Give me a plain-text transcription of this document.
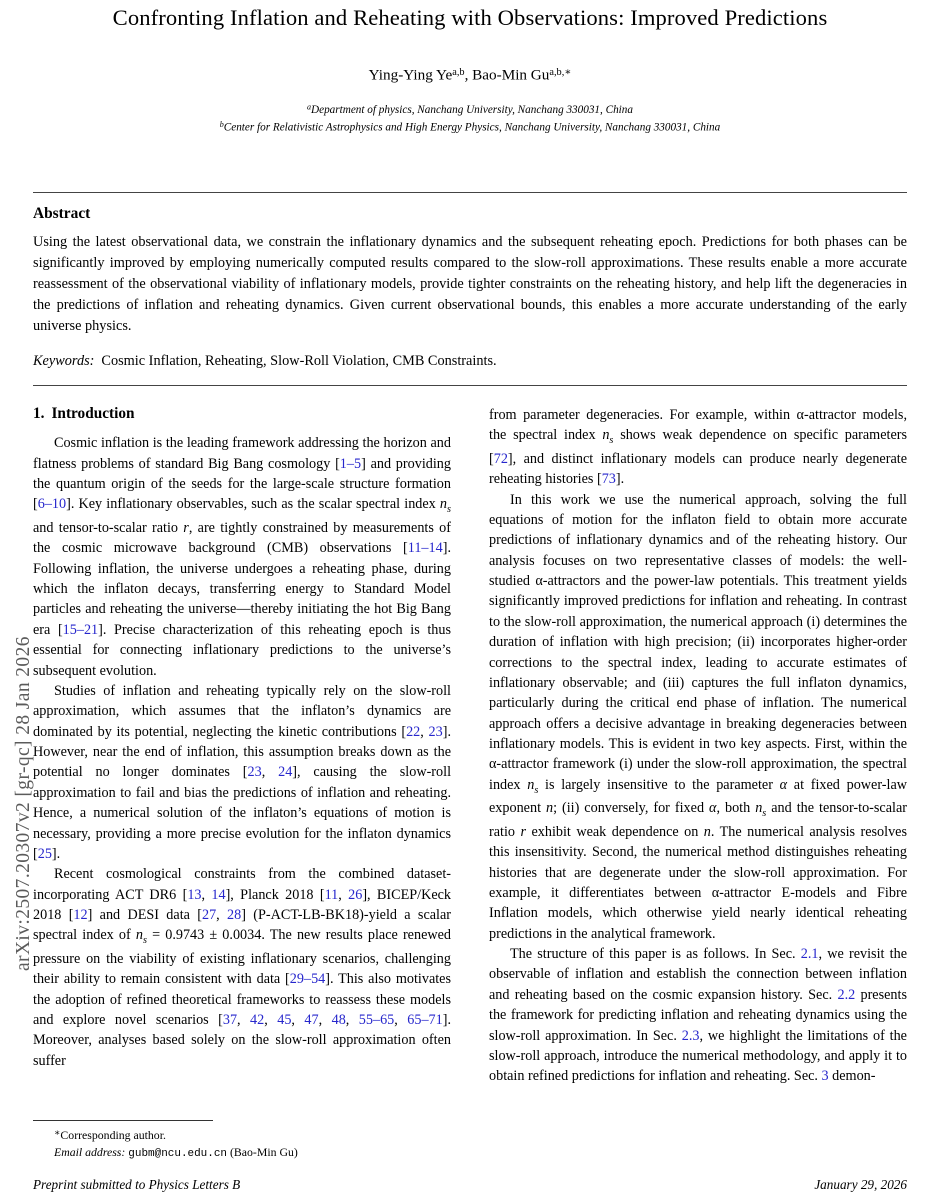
arXiv:2507.20307v2 [gr-qc] 28 Jan 2026
Confronting Inflation and Reheating with Observations: Improved Predictions

Ying-Ying Ye$^{a,b}$, Bao-Min $Gu^{a,b,∗}$

$^a$Department of physics, Nanchang University, Nanchang 330031, China
$^b$Center for Relativistic Astrophysics and High Energy Physics, Nanchang University, Nanchang 330031, China

Abstract

Using the latest observational data, we constrain the inflationary dynamics and the subsequent reheating epoch. Predictions for both phases can be significantly improved by employing numerically computed results compared to the slow-roll approximations. These results enable a more accurate reassessment of the observational viability of inflationary models, provide tighter constraints on the reheating history, and help lift the degeneracies in the predictions of inflation and reheating dynamics. Given current observational bounds, this enables a more accurate understanding of the early universe physics.

Keywords: Cosmic Inflation, Reheating, Slow-Roll Violation, CMB Constraints.

1. Introduction

Cosmic inflation is the leading framework addressing the horizon and flatness problems of standard Big Bang cosmology [1–5] and providing the quantum origin of the seeds for the large-scale structure formation [6–10]. Key inflationary observables, such as the scalar spectral index $n_s$ and tensor-to-scalar ratio r, are tightly constrained by measurements of the cosmic microwave background (CMB) observations [11–14]. Following inflation, the universe undergoes a reheating phase, during which the inflaton decays, transferring energy to Standard Model particles and reheating the universe—thereby initiating the hot Big Bang era [15–21]. Precise characterization of this reheating epoch is thus essential for connecting inflationary predictions to the universe’s subsequent evolution.

Studies of inflation and reheating typically rely on the slow-roll approximation, which assumes that the inflaton’s dynamics are dominated by its potential, neglecting the kinetic contributions [22, 23]. However, near the end of inflation, this assumption breaks down as the potential no longer dominates [23, 24], causing the slow-roll approximation to fail and bias the predictions of inflation and reheating. Hence, a numerical solution of the inflaton’s equations of motion is necessary, providing a more precise evolution for the inflaton dynamics [25].

Recent cosmological constraints from the combined dataset-incorporating ACT DR6 [13, 14], Planck 2018 [11, 26], BICEP/Keck 2018 [12] and DESI data [27, 28] (P-ACT-LB-BK18)-yield a scalar spectral index of $n_s = 0.9743 \pm 0.0034$. The new results place renewed pressure on the viability of existing inflationary scenarios, challenging their ability to remain consistent with data [29–54]. This also motivates the adoption of refined theoretical frameworks to reassess these models and explore novel scenarios [37, 42, 45, 47, 48, 55–65, 65–71]. Moreover, analyses based solely on the slow-roll approximation often suffer

from parameter degeneracies. For example, within α-attractor models, the spectral index $n_s$ shows weak dependence on specific parameters [72], and distinct inflationary models can produce nearly degenerate reheating histories [73].

In this work we use the numerical approach, solving the full equations of motion for the inflaton field to obtain more accurate predictions of inflationary dynamics and of the reheating history. Our analysis focuses on two representative classes of models: the well-studied α-attractors and the power-law potentials. This treatment yields significantly improved predictions for inflation and reheating. In contrast to the slow-roll approximation, the numerical approach (i) determines the duration of inflation with high precision; (ii) incorporates higher-order corrections to the spectral index, leading to accurate estimates of inflationary observable; and (iii) captures the full inflaton dynamics, particularly during the critical end phase of inflation. The numerical approach offers a decisive advantage in breaking degeneracies between inflationary models. This is evident in two key aspects. First, within the α-attractor framework (i) under the slow-roll approximation, the spectral index $n_s$ is largely insensitive to the parameter α at fixed power-law exponent n; (ii) conversely, for fixed α, both $n_s$ and the tensor-to-scalar ratio r exhibit weak dependence on n. The numerical analysis resolves this insensitivity. Second, the numerical method distinguishes reheating histories that are degenerate under the slow-roll approximation. For example, it differentiates between α-attractor E-models and Fibre Inflation models, which otherwise yield nearly identical reheating predictions in the analytical framework.

The structure of this paper is as follows. In Sec. 2.1, we revisit the observable of inflation and establish the connection between inflation and reheating based on the cosmic expansion history. Sec. 2.2 presents the framework for predicting inflation and reheating dynamics using the slow-roll approximation. In Sec. 2.3, we highlight the limitations of the slow-roll approach, introduce the numerical methodology, and apply it to obtain refined predictions for inflation and reheating. Sec. 3 demon-

∗Corresponding author.

Email address: gubm@ncu.edu.cn (Bao-Min Gu)

Preprint submitted to Physics Letters B	January 29, 2026
